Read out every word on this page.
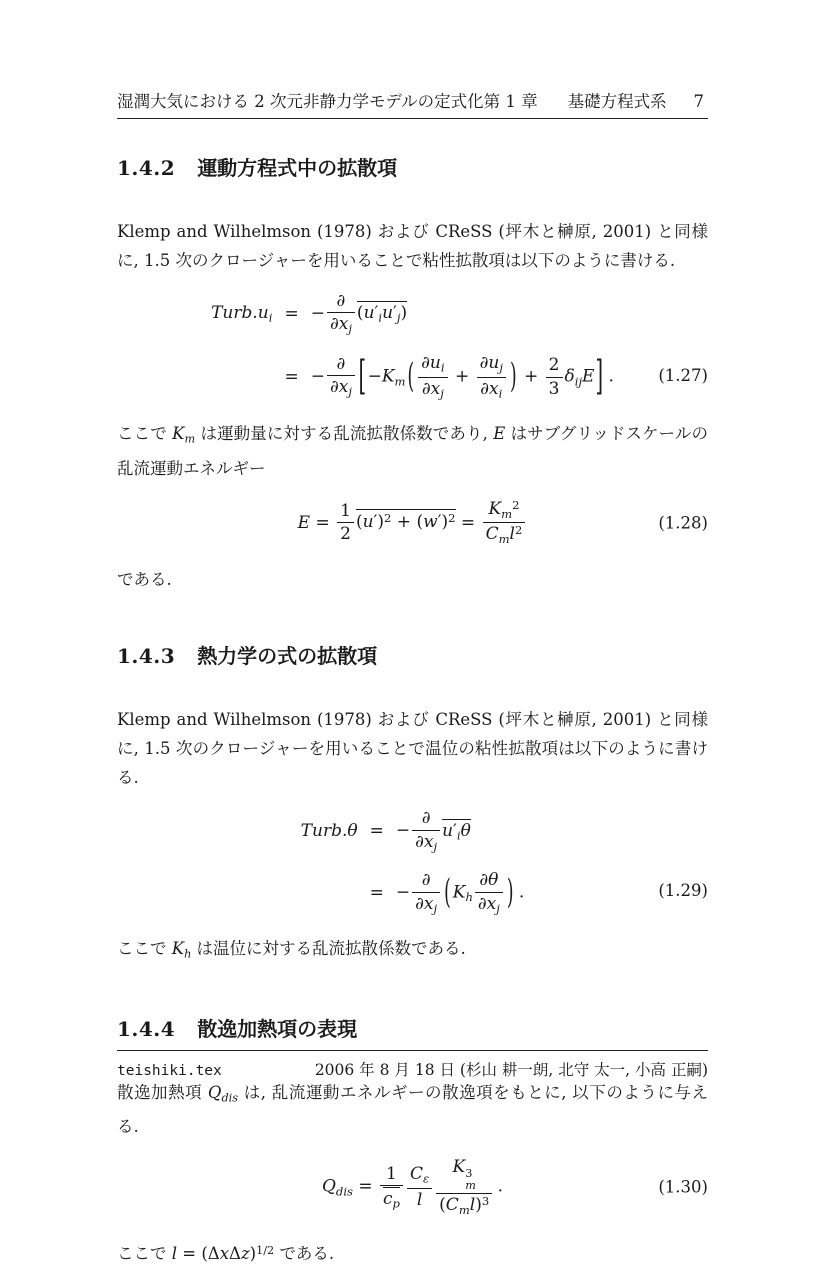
湿潤大気における 2 次元非静力学モデルの定式化第 1 章 基礎方程式系 7
1.4.2 運動方程式中の拡散項

Klemp and Wilhelmson (1978) および CReSS (坪木と榊原, 2001) と同様に, 1.5 次のクロージャーを用いることで粘性拡散項は以下のように書ける.

$Turb.u_i$ = −
∂
$\partial x_j$
$(u'_iu'_j)$
= −
∂
$\partial x_j$ [$-K_m$ ( $\frac{\partial u_i}{\partial x_j} + \frac{\partial u_j}{\partial x_i}$ ) + $\frac{2}{3} \delta_{ij}E$] .	(1.27)

ここで $K_m$ は運動量に対する乱流拡散係数であり, E はサブグリッドスケールの乱流運動エネルギー

$E = \frac{1}{2} (u')^2 + (w')^2$ =
$K_m^2$
$C_ml^2$	(1.28)

である.

1.4.3 熱力学の式の拡散項

Klemp and Wilhelmson (1978) および CReSS (坪木と榊原, 2001) と同様に, 1.5 次のクロージャーを用いることで温位の粘性拡散項は以下のように書ける.

Turb.θ = −
∂
$\partial x_j$
$u'_i\theta$
= −
∂
$\partial x_j$ ( $K_h \frac{\partial\theta}{\partial x_j}$ ) .	(1.29)

ここで $K_h$ は温位に対する乱流拡散係数である.

1.4.4 散逸加熱項の表現

散逸加熱項 $Q_{dis}$ は, 乱流運動エネルギーの散逸項をもとに, 以下のように与える.

$Q_{dis} = \frac{1}{c_p} \frac{C_\varepsilon}{l}$	K 3
m
$(C_ml)^3$
 .	(1.30)

ここで $l = (\Delta x\Delta z)^{1/2}$ である.

teishiki.tex	2006 年 8 月 18 日 (杉山 耕一朗, 北守 太一, 小高 正嗣)
